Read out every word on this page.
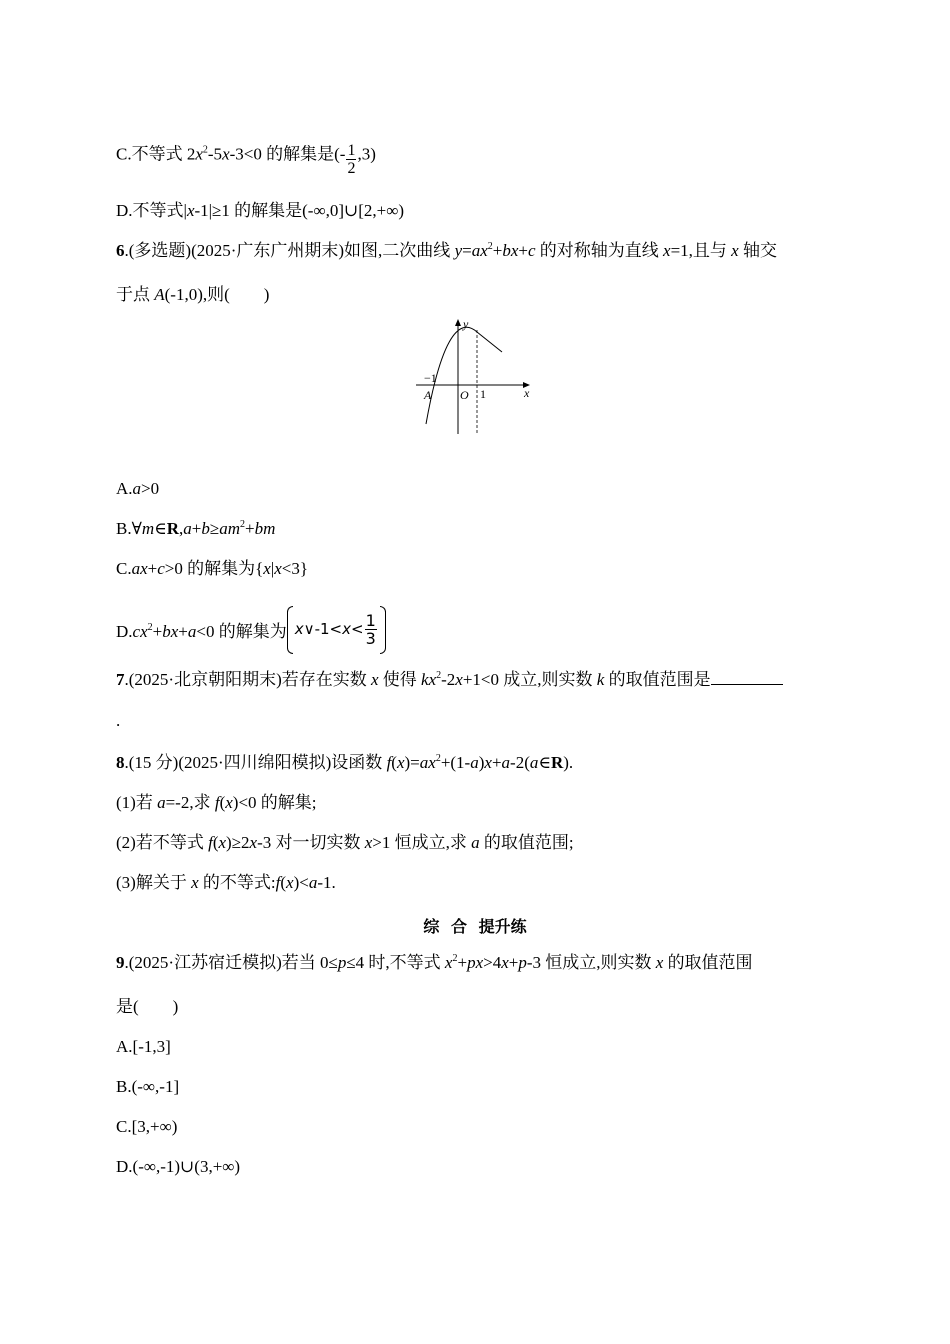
C.不等式 $2x^2-5x-3<0$ 的解集是(- $\frac{1}{2} ,3$)
D.不等式|x-1|≥1 的解集是(-∞,0]∪[2,+∞)
6.(多选题)(2025·广东广州期末)如图,二次曲线 $y=ax^2+bx+c$ 的对称轴为直线 x=1,且与 x 轴交
于点 A(-1,0),则(　　)
y
x
−1
A O 1
A.a>0
$B.\forall m\in R,a+b\ge am^2+bm$
C.ax+c>0 的解集为{x|x<3}
$D.cx^2+bx+a<0$ 的解集为 x∨-1<x< $\frac{1}{3}$
7.(2025·北京朝阳期末)若存在实数 x 使得 $kx^2-2x+1<0$ 成立,则实数 k 的取值范围是
.
8.(15 分)(2025·四川绵阳模拟)设函数 $f(x)=ax^2+(1-a)x+a-2(a\in R)$.
(1)若 a=-2,求 f(x)<0 的解集;
(2)若不等式 f(x)≥2x-3 对一切实数 x>1 恒成立,求 a 的取值范围;
(3)解关于 x 的不等式:f(x)<a-1.
综 合 提升练
9.(2025·江苏宿迁模拟)若当 0≤p≤4 时,不等式 $x^2+px>4x+p-3$ 恒成立,则实数 x 的取值范围
是(　　)
A.[-1,3]
B.(-∞,-1]
C.[3,+∞)
D.(-∞,-1)∪(3,+∞)
